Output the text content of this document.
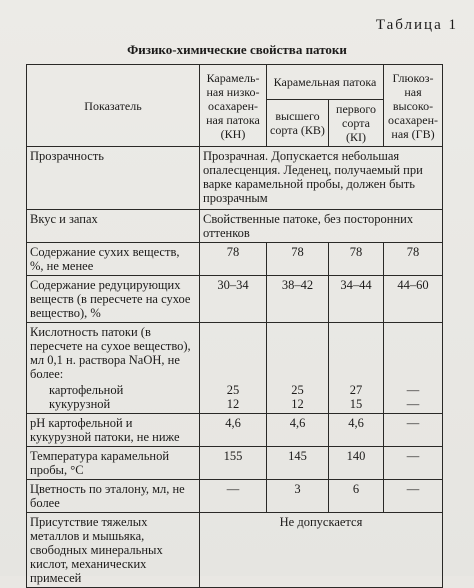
Таблица 1
Физико-химические свойства патоки
Показатель	Карамель-ная низко-осахарен-ная патока (КН)	Карамельная патока		Глюкоз-ная высоко-осахарен-ная (ГВ)
		высшего сорта (КВ)	первого сорта (КI)	
Прозрачность	Прозрачная. Допускается небольшая опалесценция. Леденец, получаемый при варке карамельной пробы, должен быть прозрачным			
Вкус и запах	Свойственные патоке, без посторонних оттенков			
Содержание сухих веществ, %, не менее	78	78	78	78
Содержание редуцирующих веществ (в пересчете на сухое вещество), %	30–34	38–42	34–44	44–60
Кислотность патоки (в пересчете на сухое вещество), мл 0,1 н. раствора NaOH, не более:				
картофельной	25	25	27	—
кукурузной	12	12	15	—
pH картофельной и кукурузной патоки, не ниже	4,6	4,6	4,6	—
Температура карамельной пробы, °С	155	145	140	—
Цветность по эталону, мл, не более	—	3	6	—
Присутствие тяжелых металлов и мышьяка, свободных минеральных кислот, механических примесей	Не допускается			
